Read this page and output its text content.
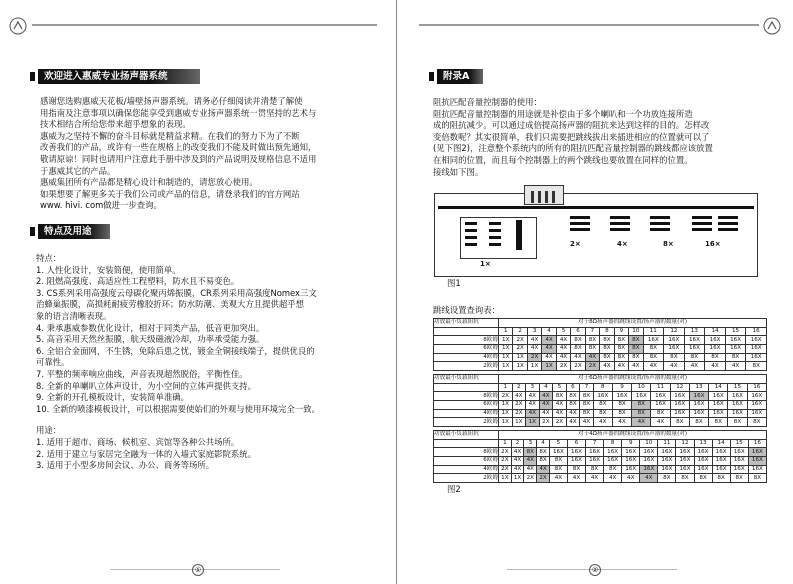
欢迎进入惠威专业扬声器系统

感谢您选购惠威天花板/墙壁扬声器系统。请务必仔细阅读并清楚了解使

用指南及注意事项以确保您能享受到惠威专业扬声器系统一贯坚持的艺术与

技术相结合所给您带来超乎想象的表现。

惠威为之坚持不懈的奋斗目标就是精益求精。在我们的努力下为了不断

改善我们的产品，或许有一些在规格上的改变我们不能及时做出预先通知，

敬请原谅！同时也请用户注意此手册中涉及到的产品说明及规格信息不适用

于惠威其它的产品。

惠威集团所有产品都是精心设计和制造的，请您放心使用。

如果想要了解更多关于我们公司或产品的信息，请登录我们的官方网站

www. hivi. com做进一步查询。

特点及用途

特点：

1. 人性化设计，安装简便，使用简单。

2. 阻燃高强度、高适应性工程塑料，防水且不易变色。

3. CS系列采用高强度云母碳化聚丙烯振膜，CR系列采用高强度Nomex三文

治蜂巢振膜，高损耗耐疲劳橡胶折环；防水防潮、美观大方且提供超乎想

象的语言清晰表现。

4. 秉承惠威参数优化设计，相对于同类产品，低音更加突出。

5. 高音采用天然丝振膜，航天级磁液冷却，功率承受能力强。

6. 全铝合金面网，不生锈，免除后患之忧，镀金全铜接线端子，提供优良的

可靠性。

7. 平整的频率响应曲线，声音表现超然脱俗，平衡性佳。

8. 全新的单喇叭立体声设计，为小空间的立体声提供支持。

9. 全新的开孔模板设计，安装简单准确。

10. 全新的喷漆模板设计，可以根据需要使始们的外观与使用环境完全一致。

用途：

1. 适用于超市、商场、候机室、宾馆等各种公共场所。

2. 适用于建立与家居完全融为一体的入墙式家庭影院系统。

3. 适用于小型多房间会议、办公、商务等场所。

①
附录A

阻抗匹配音量控制器的使用：

阻抗匹配音量控制器的用途就是补偿由于多个喇叭和一个功放连接所造

成的阻抗减少。可以通过成倍提高扬声器的阻抗来达到这样的目的。怎样改

变倍数呢？其实很简单，我们只需要把跳线拔出来插进相应的位置就可以了

(见下图2)，注意整个系统内的所有的阻抗匹配音量控制器的跳线都应该放置

在相同的位置，而且每个控制器上的两个跳线也要放置在同样的位置。

接线如下图。

1×
2×	4×	8×	16×
图1
跳线设置查询表：
功放最小负载阻抗	对于8Ω扬声器的跳线设置/扬声器的数量(对)															
	1	2	3	4	5	6	7	8	9	10	11	12	13	14	15	16
8欧姆	1X	2X	4X	4X	4X	8X	8X	8X	8X	8X	16X	16X	16X	16X	16X	16X
6欧姆	1X	2X	4X	4X	4X	8X	8X	8X	8X	8X	8X	16X	16X	16X	16X	16X
4欧姆	1X	1X	2X	4X	4X	4X	4X	8X	8X	8X	8X	8X	8X	8X	8X	16X
2欧姆	1X	1X	1X	1X	2X	2X	2X	4X	4X	4X	4X	4X	4X	4X	4X	8X
功放最小负载阻抗	对于6Ω扬声器的跳线设置/扬声器的数量(对)															
	1	2	3	4	5	6	7	8	9	10	11	12	13	14	15	16
8欧姆	2X	4X	4X	4X	8X	8X	8X	16X	16X	16X	16X	16X	16X	16X	16X	16X
6欧姆	1X	2X	4X	4X	4X	8X	8X	8X	8X	8X	16X	16X	16X	16X	16X	16X
4欧姆	1X	2X	4X	4X	4X	4X	8X	8X	8X	8X	8X	16X	16X	16X	16X	16X
2欧姆	1X	1X	1X	2X	2X	4X	4X	4X	4X	4X	4X	8X	8X	8X	8X	8X
功放最小负载阻抗	对于4Ω扬声器的跳线设置/扬声器的数量(对)															
	1	2	3	4	5	6	7	8	9	10	11	12	13	14	15	16
8欧姆	2X	4X	8X	8X	16X	16X	16X	16X	16X	16X	16X	16X	16X	16X	16X	16X
6欧姆	2X	4X	4X	8X	8X	16X	16X	16X	16X	16X	16X	16X	16X	16X	16X	16X
4欧姆	2X	4X	4X	4X	8X	8X	8X	8X	16X	16X	16X	16X	16X	16X	16X	16X
2欧姆	1X	1X	2X	2X	4X	4X	4X	4X	4X	4X	8X	8X	8X	8X	8X	8X
图2
②
